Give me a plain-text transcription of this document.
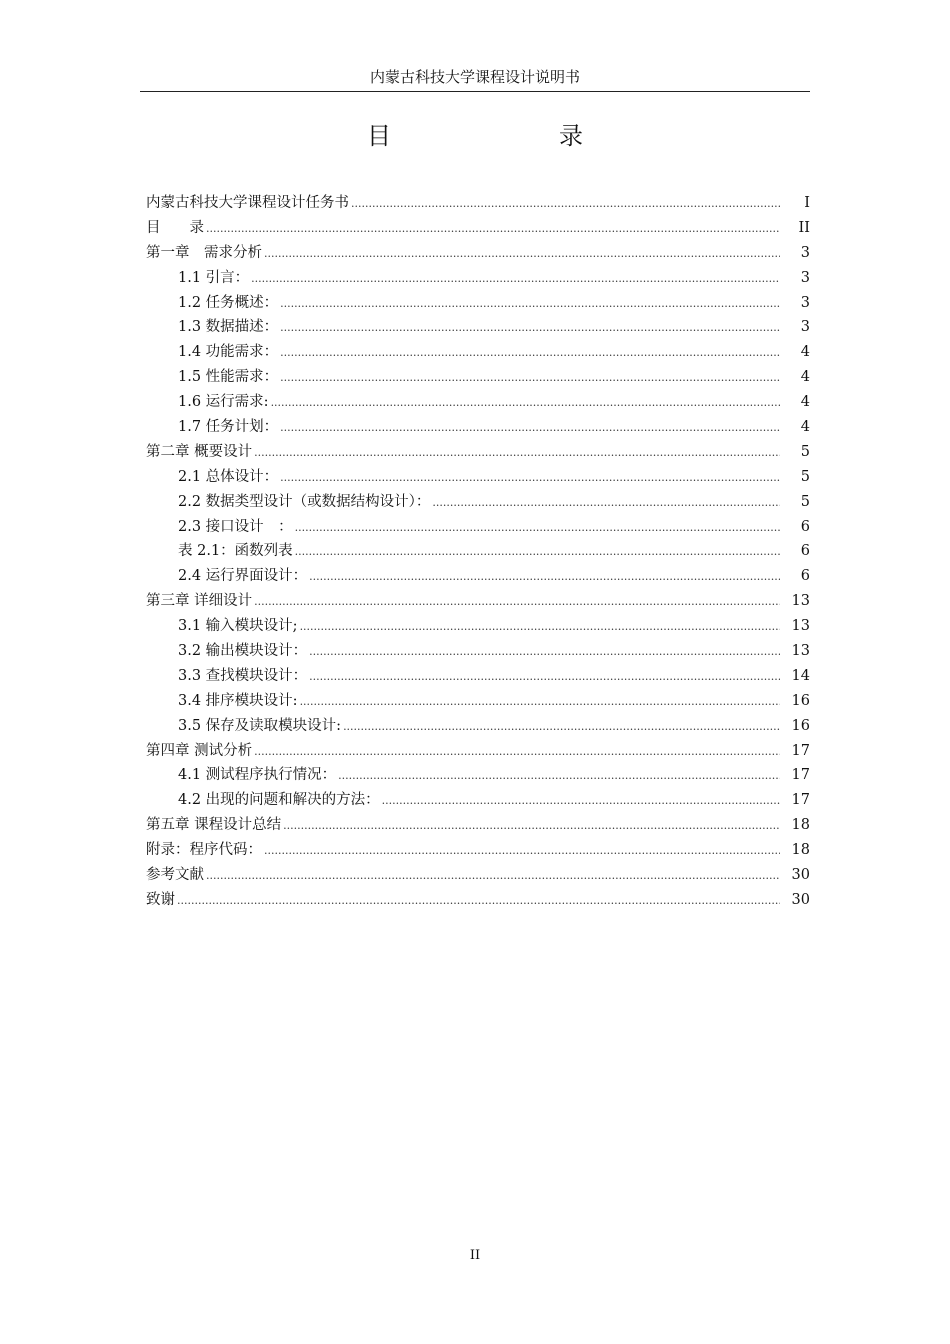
内蒙古科技大学课程设计说明书
目　　录
内蒙古科技大学课程设计任务书 .....	I
目　　录 .....	II
第一章　需求分析 .....	3
1.1 引言： .....	3
1.2 任务概述： .....	3
1.3 数据描述： .....	3
1.4 功能需求： .....	4
1.5 性能需求： .....	4
1.6 运行需求: .....	4
1.7 任务计划： .....	4
第二章 概要设计 .....	5
2.1 总体设计： .....	5
2.2 数据类型设计（或数据结构设计）： .....	5
2.3 接口设计　： .....	6
表 2.1：函数列表 .....	6
2.4 运行界面设计： .....	6
第三章 详细设计 .....	13
3.1 输入模块设计; .....	13
3.2 输出模块设计： .....	13
3.3 查找模块设计： .....	14
3.4 排序模块设计: .....	16
3.5 保存及读取模块设计: .....	16
第四章 测试分析 .....	17
4.1 测试程序执行情况： .....	17
4.2 出现的问题和解决的方法： .....	17
第五章 课程设计总结 .....	18
附录：程序代码： .....	18
参考文献 .....	30
致谢 .....	30
II
